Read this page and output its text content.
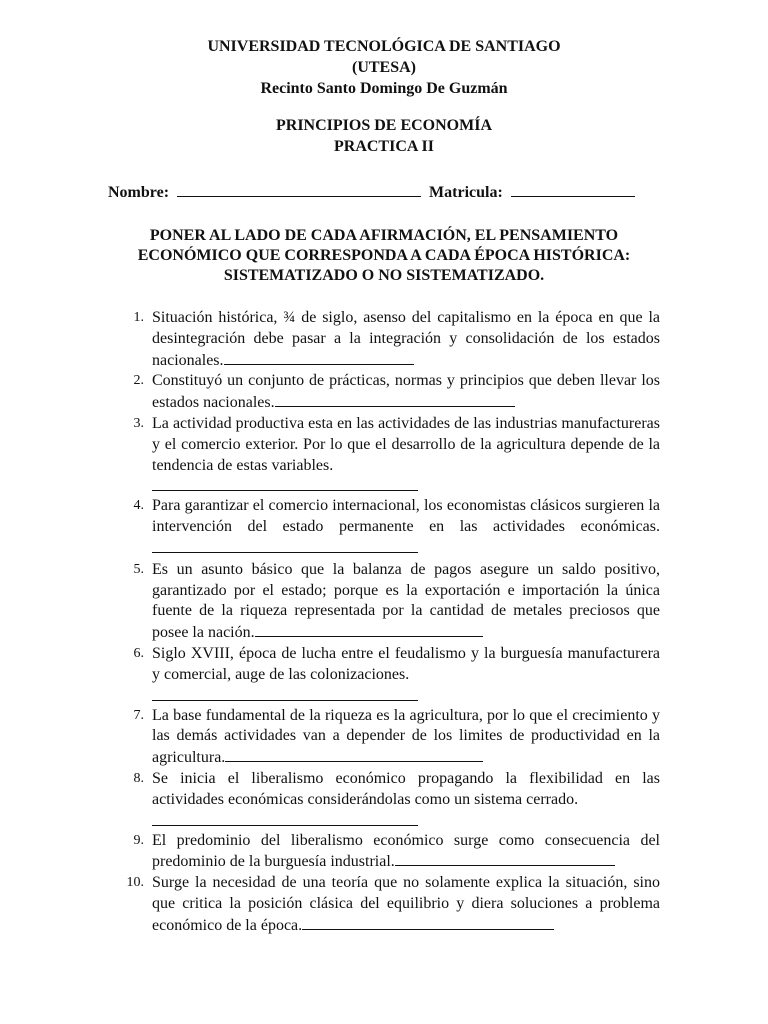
UNIVERSIDAD TECNOLÓGICA DE SANTIAGO
(UTESA)
Recinto Santo Domingo De Guzmán
PRINCIPIOS DE ECONOMÍA
PRACTICA II
Nombre:	Matricula:
PONER AL LADO DE CADA AFIRMACIÓN, EL PENSAMIENTO ECONÓMICO QUE CORRESPONDA A CADA ÉPOCA HISTÓRICA: SISTEMATIZADO O NO SISTEMATIZADO.
1. Situación histórica, ¾ de siglo, asenso del capitalismo en la época en que la desintegración debe pasar a la integración y consolidación de los estados nacionales.
2. Constituyó un conjunto de prácticas, normas y principios que deben llevar los estados nacionales.
3. La actividad productiva esta en las actividades de las industrias manufactureras y el comercio exterior. Por lo que el desarrollo de la agricultura depende de la tendencia de estas variables.
4. Para garantizar el comercio internacional, los economistas clásicos surgieren la intervención del estado permanente en las actividades económicas.
5. Es un asunto básico que la balanza de pagos asegure un saldo positivo, garantizado por el estado; porque es la exportación e importación la única fuente de la riqueza representada por la cantidad de metales preciosos que posee la nación.
6. Siglo XVIII, época de lucha entre el feudalismo y la burguesía manufacturera y comercial, auge de las colonizaciones.
7. La base fundamental de la riqueza es la agricultura, por lo que el crecimiento y las demás actividades van a depender de los limites de productividad en la agricultura.
8. Se inicia el liberalismo económico propagando la flexibilidad en las actividades económicas considerándolas como un sistema cerrado.
9. El predominio del liberalismo económico surge como consecuencia del predominio de la burguesía industrial.
10. Surge la necesidad de una teoría que no solamente explica la situación, sino que critica la posición clásica del equilibrio y diera soluciones a problema económico de la época.
